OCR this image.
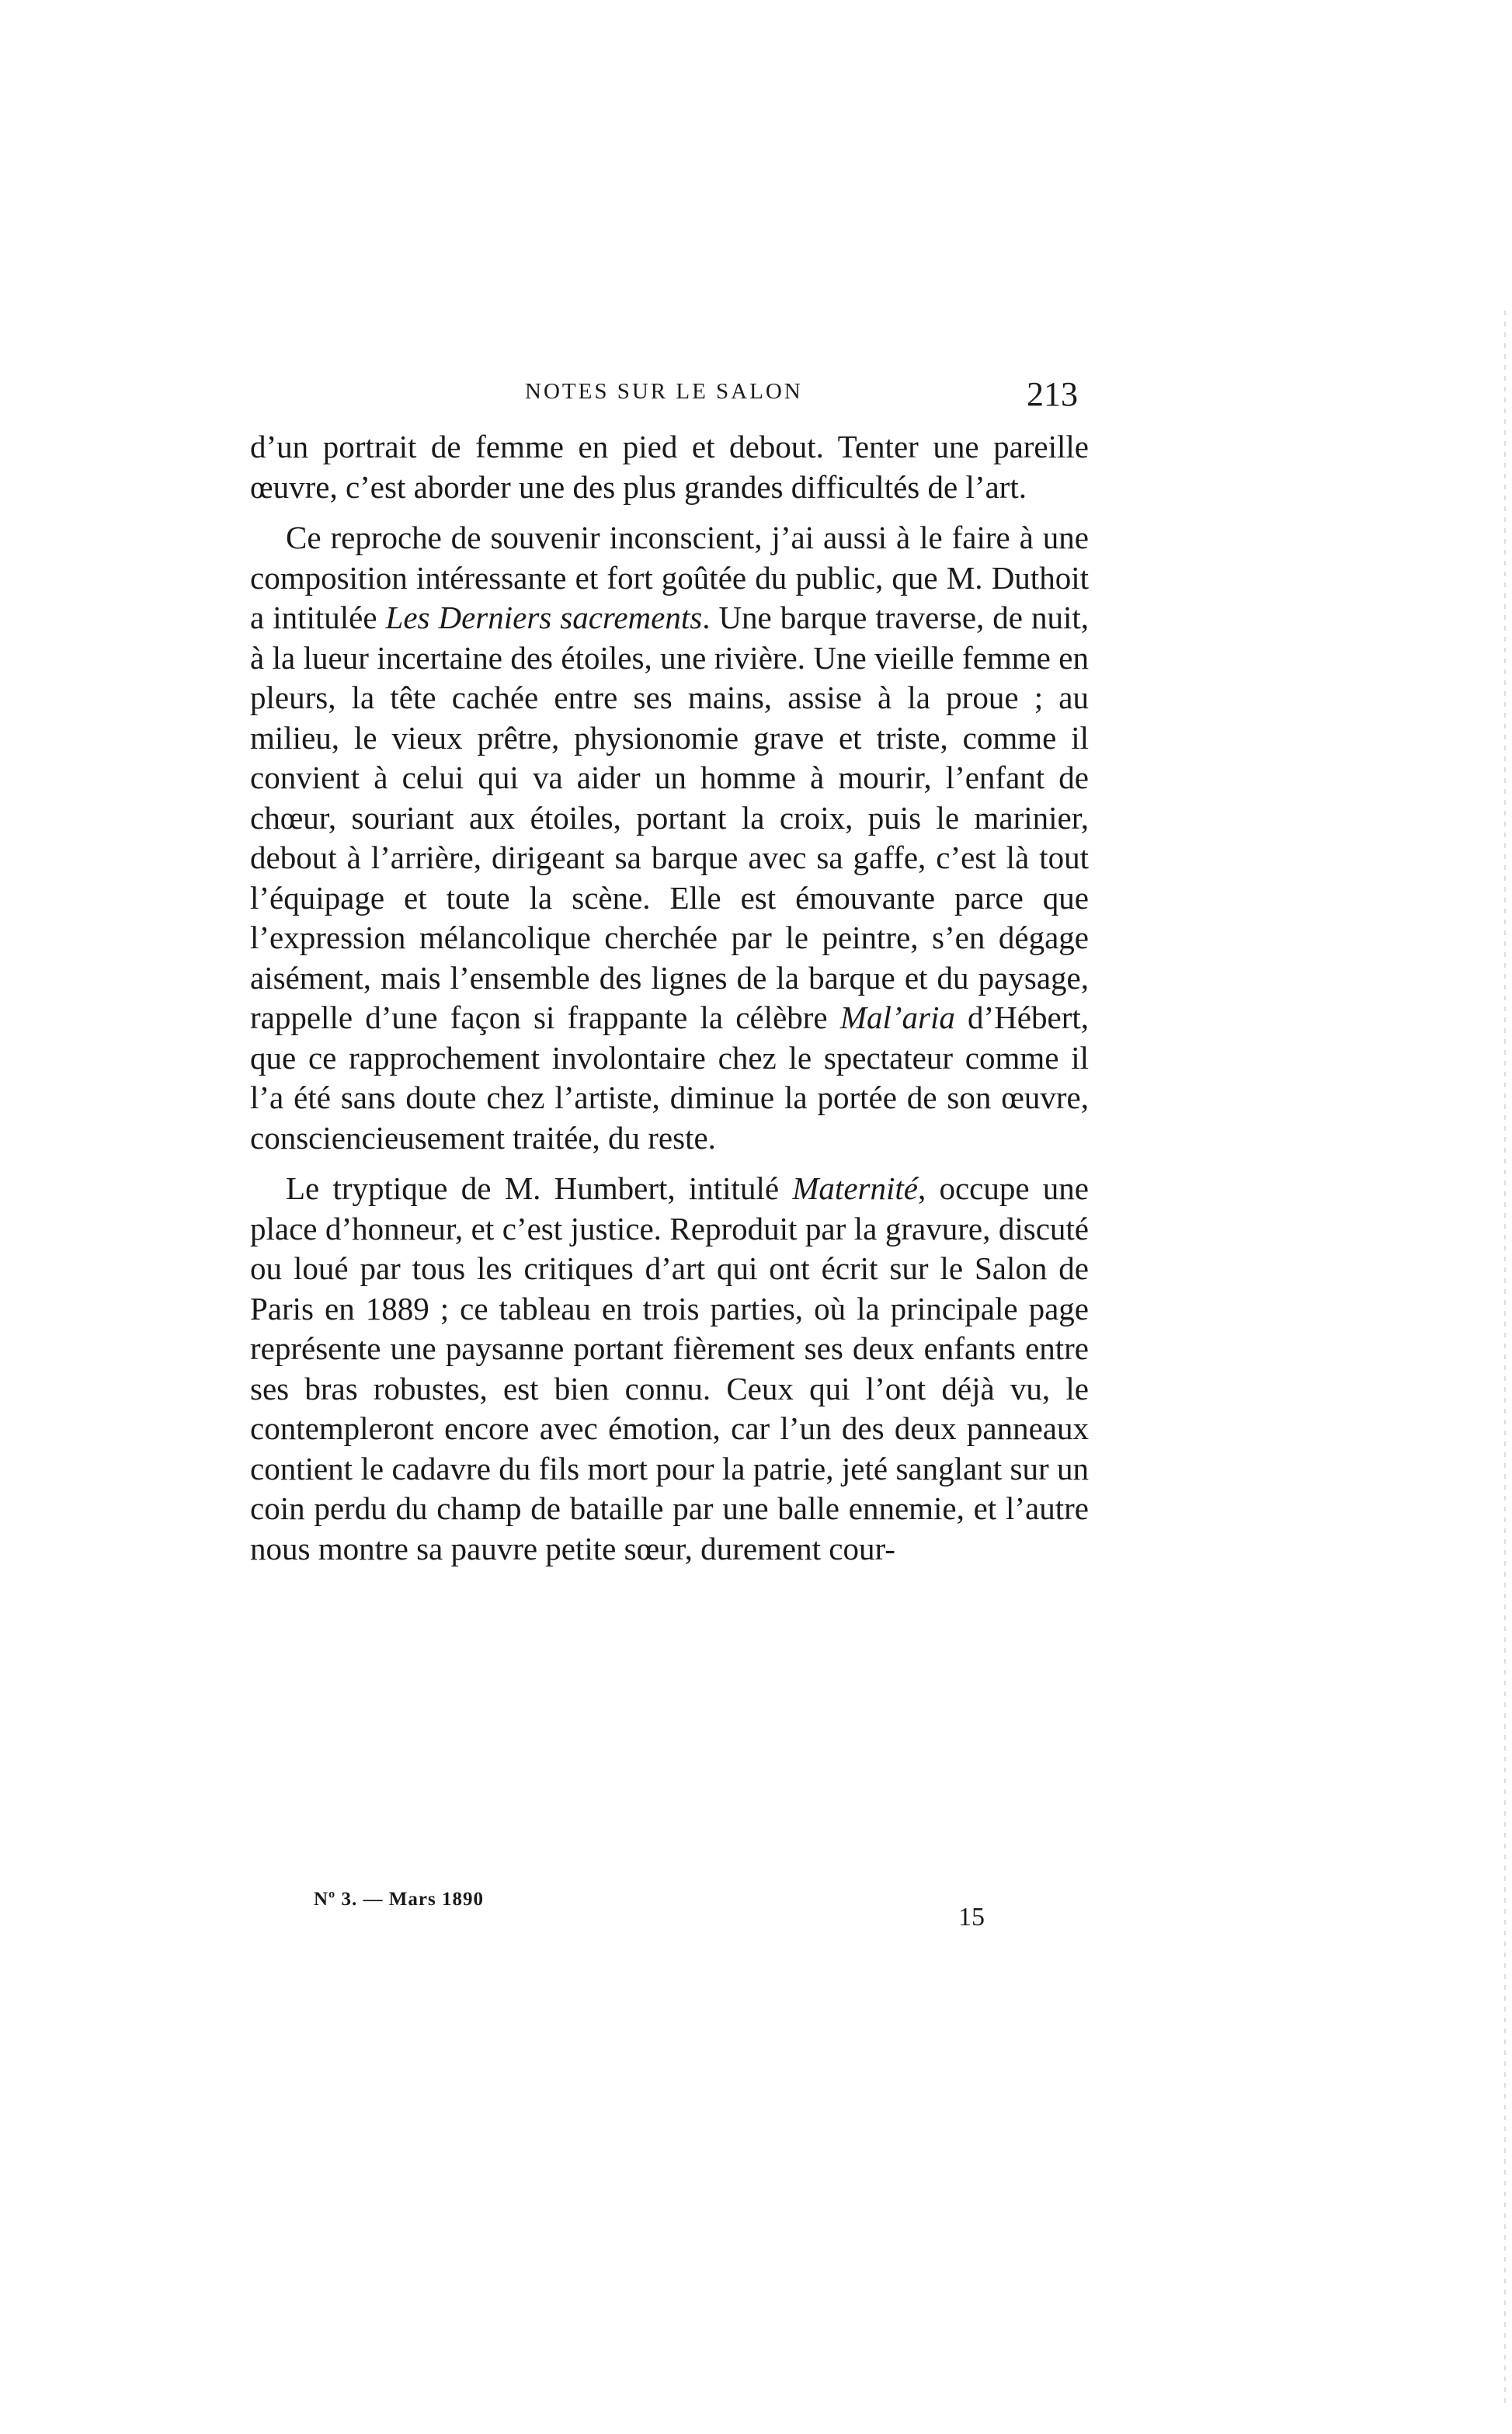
NOTES SUR LE SALON	213

d’un portrait de femme en pied et debout. Tenter une pareille œuvre, c’est aborder une des plus grandes difficultés de l’art.

Ce reproche de souvenir inconscient, j’ai aussi à le faire à une composition intéressante et fort goûtée du public, que M. Duthoit a intitulée Les Derniers sacrements. Une barque traverse, de nuit, à la lueur incertaine des étoiles, une rivière. Une vieille femme en pleurs, la tête cachée entre ses mains, assise à la proue ; au milieu, le vieux prêtre, physionomie grave et triste, comme il convient à celui qui va aider un homme à mourir, l’enfant de chœur, souriant aux étoiles, portant la croix, puis le marinier, debout à l’arrière, dirigeant sa barque avec sa gaffe, c’est là tout l’équipage et toute la scène. Elle est émouvante parce que l’expression mélancolique cherchée par le peintre, s’en dégage aisément, mais l’ensemble des lignes de la barque et du paysage, rappelle d’une façon si frappante la célèbre Mal’aria d’Hébert, que ce rapprochement involontaire chez le spectateur comme il l’a été sans doute chez l’artiste, diminue la portée de son œuvre, consciencieusement traitée, du reste.

Le tryptique de M. Humbert, intitulé Maternité, occupe une place d’honneur, et c’est justice. Reproduit par la gravure, discuté ou loué par tous les critiques d’art qui ont écrit sur le Salon de Paris en 1889 ; ce tableau en trois parties, où la principale page représente une paysanne portant fièrement ses deux enfants entre ses bras robustes, est bien connu. Ceux qui l’ont déjà vu, le contempleront encore avec émotion, car l’un des deux panneaux contient le cadavre du fils mort pour la patrie, jeté sanglant sur un coin perdu du champ de bataille par une balle ennemie, et l’autre nous montre sa pauvre petite sœur, durement cour-

Nº 3. — Mars 1890
15
